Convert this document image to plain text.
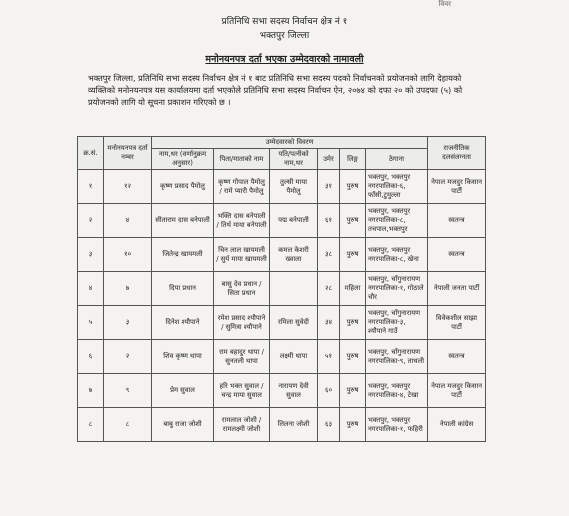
विवर
प्रतिनिधि सभा सदस्य निर्वाचन क्षेत्र नं १
भक्तपुर जिल्ला
मनोनयनपत्र दर्ता भएका उम्मेदवारको नामावली
भक्तपुर जिल्ला, प्रतिनिधि सभा सदस्य निर्वाचन क्षेत्र नं १ बाट प्रतिनिधि सभा सदस्य पदको निर्वाचनको प्रयोजनको लागि देहायको व्यक्तिको मनोनयनपत्र यस कार्यालयमा दर्ता भएकोले प्रतिनिधि सभा सदस्य निर्वाचन ऐन, २०७४ को दफा २० को उपदफा (५) को प्रयोजनको लागि यो सूचना प्रकाशन गरिएको छ ।
क्र.सं.	मनोनयनपत्र दर्ता नम्बर	उम्मेदवारको विवरण						राजनीतिक दलसंलग्नता
		नाम,थर (वर्णानुक्रम अनुसार)	पिता/माताको नाम	पति/पत्नीको नाम,थर	उमेर	लिङ्ग	ठेगाना	
१	१२	कृष्ण प्रसाद पैमोलु	कृष्ण गोपाल पैमोलु / रामे प्यारी पैमोलु	तुल्सी माया पैमोलु	३१	पुरुष	भक्तपुर, भक्तपुर नगरपालिका-६, फाँसी,टुमुल्ला	नेपाल मजदुर किसान पार्टी
२	४	सीताराम दास बनेपाली	भक्ति दास बनेपाली / तिर्थ माया बनेपाली	पद्म बनेपाली	६१	पुरुष	भक्तपुर, भक्तपुर नगरपालिका-८, तचपाल,भक्तपुर	स्वतन्त्र
३	१०	जितेन्द्र खायमली	चिन लाल खायमली / सुर्य माया खायमली	कमल केशरी ख्वाला	३८	पुरुष	भक्तपुर, भक्तपुर नगरपालिका-८, खेना	स्वतन्त्र
४	७	दिपा प्रधान	बासु देव प्रधान / सिता प्रधान		२८	महिला	भक्तपुर, चाँगुनारायण नगरपालिका-१, गोठाले चौर	नेपाली जनता पार्टी
५	३	दिनेश श्यौपाने	रमेश प्रसाद श्यौपाने / सुमित्रा श्यौपाने	रमिला सुवेदी	३४	पुरुष	भक्तपुर, चाँगुनारायण नगरपालिका-३, श्यौपाने गाउँ	विवेकशील साझा पार्टी
६	२	शिव कृष्ण थापा	राम बहादुर थापा / सुनतली थापा	लक्ष्मी थापा	५१	पुरुष	भक्तपुर, चाँगुनारायण नगरपालिका-९, ताथली	स्वतन्त्र
७	९	प्रेम सुवाल	हरि भक्त सुवाल / चन्द्र माया सुवाल	नारायण देवी सुवाल	६०	पुरुष	भक्तपुर, भक्तपुर नगरपालिका-४, टेखा	नेपाल मजदुर किसान पार्टी
८	८	बाबु राजा जोशी	रामलाल जोशी / रामलक्ष्मी जोशी	लिलना जोशी	६३	पुरुष	भक्तपुर, भक्तपुर नगरपालिका-१, फहिरी	नेपाली कांग्रेस
